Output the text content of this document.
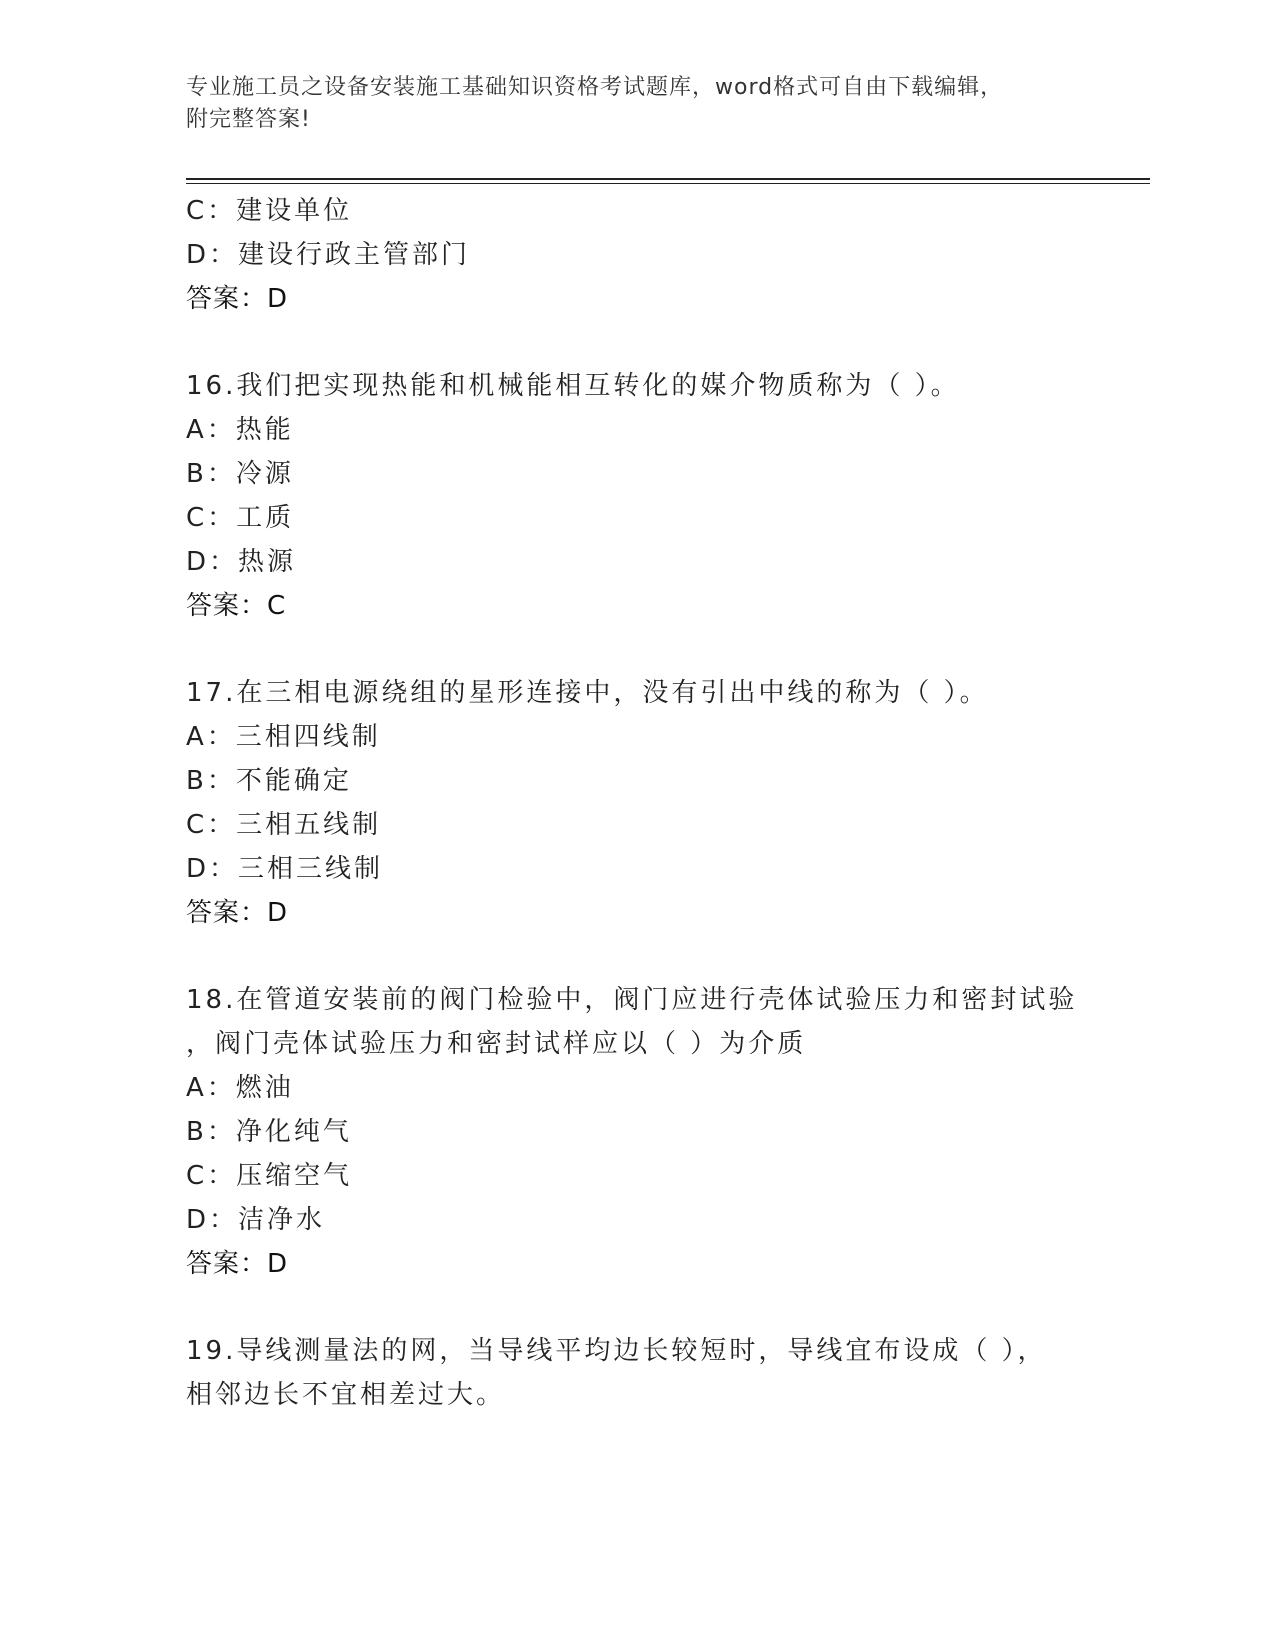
专业施工员之设备安装施工基础知识资格考试题库，word格式可自由下载编辑，
附完整答案!
C：建设单位
D：建设行政主管部门
答案：D
16.我们把实现热能和机械能相互转化的媒介物质称为（ ）。
A：热能
B：冷源
C：工质
D：热源
答案：C
17.在三相电源绕组的星形连接中，没有引出中线的称为（ ）。
A：三相四线制
B：不能确定
C：三相五线制
D：三相三线制
答案：D
18.在管道安装前的阀门检验中，阀门应进行壳体试验压力和密封试验
，阀门壳体试验压力和密封试样应以（ ）为介质
A：燃油
B：净化纯气
C：压缩空气
D：洁净水
答案：D
19.导线测量法的网，当导线平均边长较短时，导线宜布设成（ ），
相邻边长不宜相差过大。
